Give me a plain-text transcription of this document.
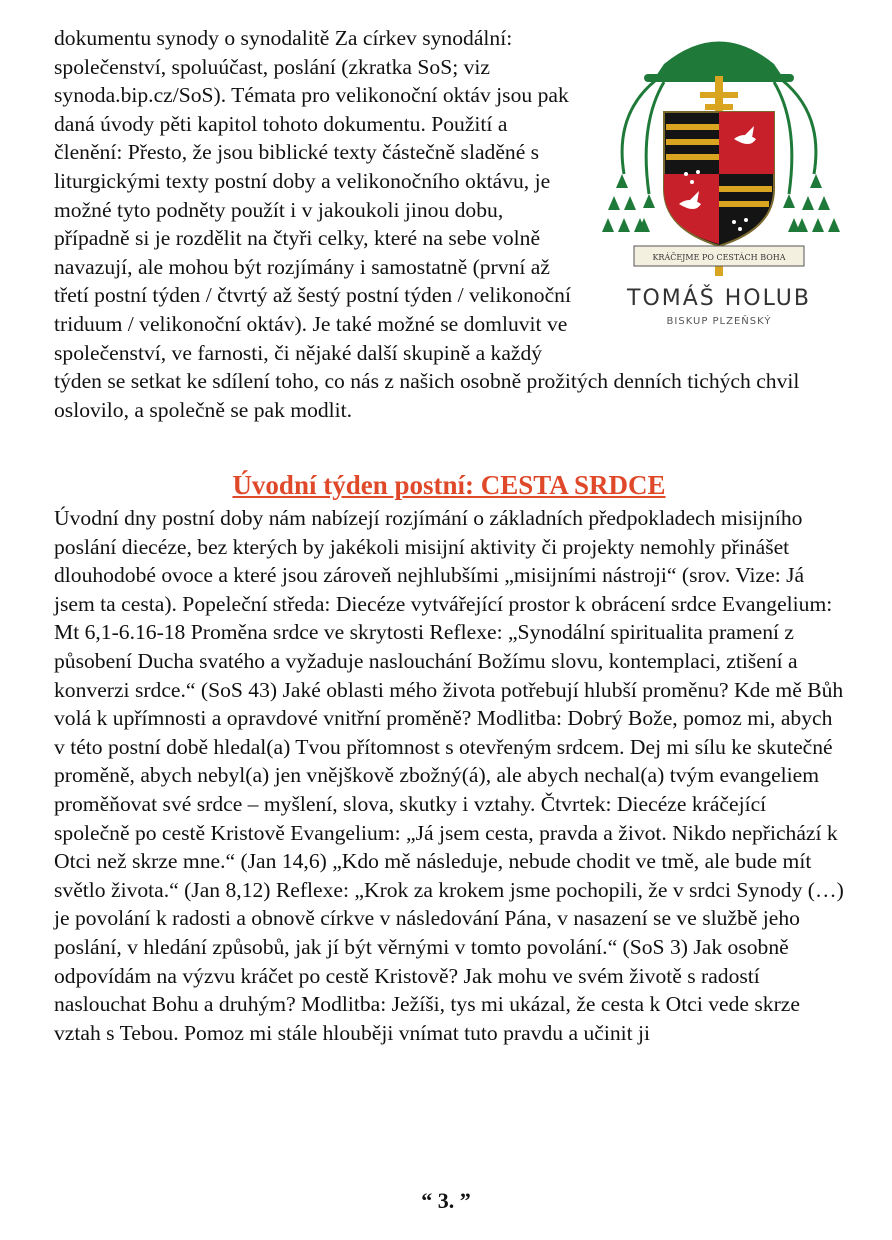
KRÁČEJME PO CESTÁCH BOHA
TOMÁŠ HOLUB
BISKUP PLZEŇSKÝ

dokumentu synody o synodalitě Za církev synodální: společenství, spoluúčast, poslání (zkratka SoS; viz synoda.bip.cz/SoS). Témata pro velikonoční oktáv jsou pak daná úvody pěti kapitol tohoto dokumentu. Použití a členění: Přesto, že jsou biblické texty částečně sladěné s liturgickými texty postní doby a velikonočního oktávu, je možné tyto podněty použít i v jakoukoli jinou dobu, případně si je rozdělit na čtyři celky, které na sebe volně navazují, ale mohou být rozjímány i samostatně (první až třetí postní týden / čtvrtý až šestý postní týden / velikonoční triduum / velikonoční oktáv). Je také možné se domluvit ve společenství, ve farnosti, či nějaké další skupině a každý týden se setkat ke sdílení toho, co nás z našich osobně prožitých denních tichých chvil oslovilo, a společně se pak modlit.

Úvodní týden postní: CESTA SRDCE

Úvodní dny postní doby nám nabízejí rozjímání o základních předpokladech misijního poslání diecéze, bez kterých by jakékoli misijní aktivity či projekty nemohly přinášet dlouhodobé ovoce a které jsou zároveň nejhlubšími „misijními nástroji“ (srov. Vize: Já jsem ta cesta). Popeleční středa: Diecéze vytvářející prostor k obrácení srdce Evangelium: Mt 6,1-6.16-18 Proměna srdce ve skrytosti Reflexe: „Synodální spiritualita pramení z působení Ducha svatého a vyžaduje naslouchání Božímu slovu, kontemplaci, ztišení a konverzi srdce.“ (SoS 43) Jaké oblasti mého života potřebují hlubší proměnu? Kde mě Bůh volá k upřímnosti a opravdové vnitřní proměně? Modlitba: Dobrý Bože, pomoz mi, abych v této postní době hledal(a) Tvou přítomnost s otevřeným srdcem. Dej mi sílu ke skutečné proměně, abych nebyl(a) jen vnějškově zbožný(á), ale abych nechal(a) tvým evangeliem proměňovat své srdce – myšlení, slova, skutky i vztahy. Čtvrtek: Diecéze kráčející společně po cestě Kristově Evangelium: „Já jsem cesta, pravda a život. Nikdo nepřichází k Otci než skrze mne.“ (Jan 14,6) „Kdo mě následuje, nebude chodit ve tmě, ale bude mít světlo života.“ (Jan 8,12) Reflexe: „Krok za krokem jsme pochopili, že v srdci Synody (…) je povolání k radosti a obnově církve v následování Pána, v nasazení se ve službě jeho poslání, v hledání způsobů, jak jí být věrnými v tomto povolání.“ (SoS 3) Jak osobně odpovídám na výzvu kráčet po cestě Kristově? Jak mohu ve svém životě s radostí naslouchat Bohu a druhým? Modlitba: Ježíši, tys mi ukázal, že cesta k Otci vede skrze vztah s Tebou. Pomoz mi stále hlouběji vnímat tuto pravdu a učinit ji

“ 3. ”
